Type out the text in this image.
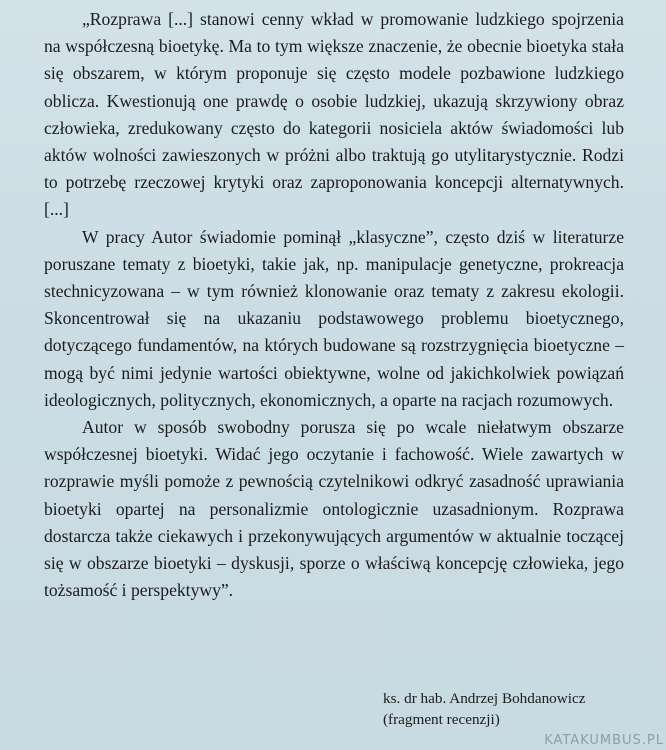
„Rozprawa [...] stanowi cenny wkład w promowanie ludzkiego spojrzenia na współczesną bioetykę. Ma to tym większe znaczenie, że obecnie bioetyka stała się obszarem, w którym proponuje się często modele pozbawione ludzkiego oblicza. Kwestionują one prawdę o osobie ludzkiej, ukazują skrzywiony obraz człowieka, zredukowany często do kategorii nosiciela aktów świadomości lub aktów wolności zawieszonych w próżni albo traktują go utylitarystycznie. Rodzi to potrzebę rzeczowej krytyki oraz zaproponowania koncepcji alternatywnych. [...]

W pracy Autor świadomie pominął „klasyczne”, często dziś w literaturze poruszane tematy z bioetyki, takie jak, np. manipulacje genetyczne, prokreacja stechnicyzowana – w tym również klonowanie oraz tematy z zakresu ekologii. Skoncentrował się na ukazaniu podstawowego problemu bioetycznego, dotyczącego fundamentów, na których budowane są rozstrzygnięcia bioetyczne – mogą być nimi jedynie wartości obiektywne, wolne od jakichkolwiek powiązań ideologicznych, politycznych, ekonomicznych, a oparte na racjach rozumowych.

Autor w sposób swobodny porusza się po wcale niełatwym obszarze współczesnej bioetyki. Widać jego oczytanie i fachowość. Wiele zawartych w rozprawie myśli pomoże z pewnością czytelnikowi odkryć zasadność uprawiania bioetyki opartej na personalizmie ontologicznie uzasadnionym. Rozprawa dostarcza także ciekawych i przekonywujących argumentów w aktualnie toczącej się w obszarze bioetyki – dyskusji, sporze o właściwą koncepcję człowieka, jego tożsamość i perspektywy”.

ks. dr hab. Andrzej Bohdanowicz
(fragment recenzji)
KATAKUMBUS.PL
